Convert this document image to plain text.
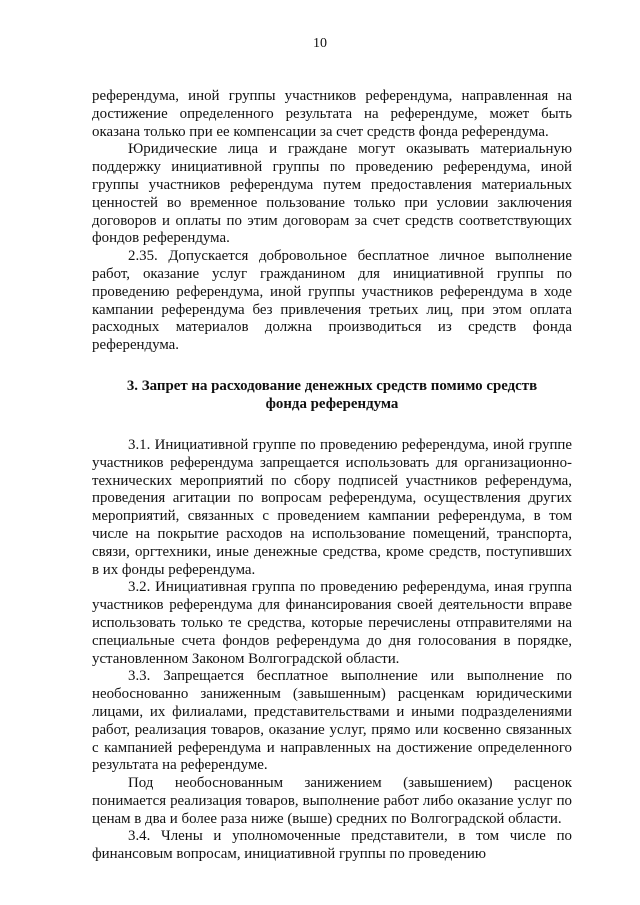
10

референдума, иной группы участников референдума, направленная на достижение определенного результата на референдуме, может быть оказана только при ее компенсации за счет средств фонда референдума.

Юридические лица и граждане могут оказывать материальную поддержку инициативной группы по проведению референдума, иной группы участников референдума путем предоставления материальных ценностей во временное пользование только при условии заключения договоров и оплаты по этим договорам за счет средств соответствующих фондов референдума.

2.35. Допускается добровольное бесплатное личное выполнение работ, оказание услуг гражданином для инициативной группы по проведению референдума, иной группы участников референдума в ходе кампании референдума без привлечения третьих лиц, при этом оплата расходных материалов должна производиться из средств фонда референдума.

3. Запрет на расходование денежных средств помимо средств
фонда референдума

3.1. Инициативной группе по проведению референдума, иной группе участников референдума запрещается использовать для организационно-технических мероприятий по сбору подписей участников референдума, проведения агитации по вопросам референдума, осуществления других мероприятий, связанных с проведением кампании референдума, в том числе на покрытие расходов на использование помещений, транспорта, связи, оргтехники, иные денежные средства, кроме средств, поступивших в их фонды референдума.

3.2. Инициативная группа по проведению референдума, иная группа участников референдума для финансирования своей деятельности вправе использовать только те средства, которые перечислены отправителями на специальные счета фондов референдума до дня голосования в порядке, установленном Законом Волгоградской области.

3.3. Запрещается бесплатное выполнение или выполнение по необоснованно заниженным (завышенным) расценкам юридическими лицами, их филиалами, представительствами и иными подразделениями работ, реализация товаров, оказание услуг, прямо или косвенно связанных с кампанией референдума и направленных на достижение определенного результата на референдуме.

Под необоснованным занижением (завышением) расценок понимается реализация товаров, выполнение работ либо оказание услуг по ценам в два и более раза ниже (выше) средних по Волгоградской области.

3.4. Члены и уполномоченные представители, в том числе по финансовым вопросам, инициативной группы по проведению
